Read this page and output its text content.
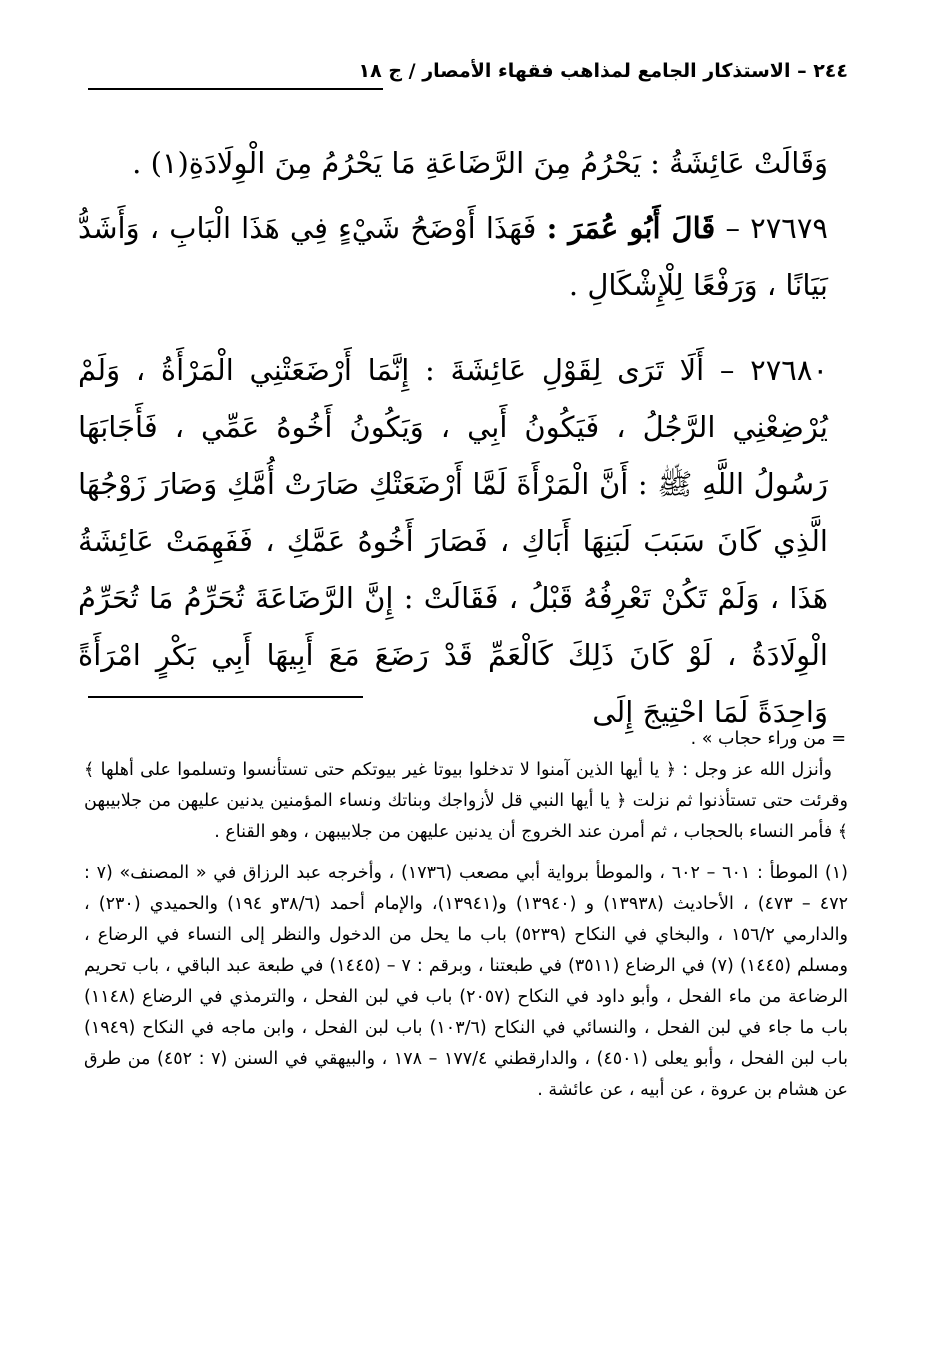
٢٤٤ – الاستذكار الجامع لمذاهب فقهاء الأمصار / ج ١٨

وَقَالَتْ عَائِشَةُ : يَحْرُمُ مِنَ الرَّضَاعَةِ مَا يَحْرُمُ مِنَ الْوِلَادَةِ(١) .

٢٧٦٧٩ – قَالَ أَبُو عُمَرَ : فَهَذَا أَوْضَحُ شَيْءٍ فِي هَذَا الْبَابِ ، وَأَشَدُّ بَيَانًا ، وَرَفْعًا لِلْإِشْكَالِ .

٢٧٦٨٠ – أَلَا تَرَى لِقَوْلِ عَائِشَةَ : إِنَّمَا أَرْضَعَتْنِي الْمَرْأَةُ ، وَلَمْ يُرْضِعْنِي الرَّجُلُ ، فَيَكُونُ أَبِي ، وَيَكُونُ أَخُوهُ عَمِّي ، فَأَجَابَهَا رَسُولُ اللَّهِ ﷺ : أَنَّ الْمَرْأَةَ لَمَّا أَرْضَعَتْكِ صَارَتْ أُمَّكِ وَصَارَ زَوْجُهَا الَّذِي كَانَ سَبَبَ لَبَنِهَا أَبَاكِ ، فَصَارَ أَخُوهُ عَمَّكِ ، فَفَهِمَتْ عَائِشَةُ هَذَا ، وَلَمْ تَكُنْ تَعْرِفُهُ قَبْلُ ، فَقَالَتْ : إِنَّ الرَّضَاعَةَ تُحَرِّمُ مَا تُحَرِّمُ الْوِلَادَةُ ، لَوْ كَانَ ذَلِكَ كَالْعَمِّ قَدْ رَضَعَ مَعَ أَبِيهَا أَبِي بَكْرٍ امْرَأَةً وَاحِدَةً لَمَا احْتِيجَ إِلَى

= من وراء حجاب » .

وأنزل الله عز وجل : ﴿ يا أيها الذين آمنوا لا تدخلوا بيوتا غير بيوتكم حتى تستأنسوا وتسلموا على أهلها ﴾ وقرئت حتى تستأذنوا ثم نزلت ﴿ يا أيها النبي قل لأزواجك وبناتك ونساء المؤمنين يدنين عليهن من جلابيبهن ﴾ فأمر النساء بالحجاب ، ثم أمرن عند الخروج أن يدنين عليهن من جلابيبهن ، وهو القناع .

(١) الموطأ : ٦٠١ – ٦٠٢ ، والموطأ برواية أبي مصعب (١٧٣٦) ، وأخرجه عبد الرزاق في « المصنف» (٧ : ٤٧٢ – ٤٧٣) ، الأحاديث (١٣٩٣٨) و (١٣٩٤٠) و(١٣٩٤١)، والإمام أحمد (٣٨/٦و ١٩٤) والحميدي (٢٣٠) ، والدارمي ١٥٦/٢ ، والبخاي في النكاح (٥٢٣٩) باب ما يحل من الدخول والنظر إلى النساء في الرضاع ، ومسلم (١٤٤٥) (٧) في الرضاع (٣٥١١) في طبعتنا ، وبرقم : ٧ – (١٤٤٥) في طبعة عبد الباقي ، باب تحريم الرضاعة من ماء الفحل ، وأبو داود في النكاح (٢٠٥٧) باب في لبن الفحل ، والترمذي في الرضاع (١١٤٨) باب ما جاء في لبن الفحل ، والنسائي في النكاح (١٠٣/٦) باب لبن الفحل ، وابن ماجه في النكاح (١٩٤٩) باب لبن الفحل ، وأبو يعلى (٤٥٠١) ، والدارقطني ١٧٧/٤ – ١٧٨ ، والبيهقي في السنن (٧ : ٤٥٢) من طرق عن هشام بن عروة ، عن أبيه ، عن عائشة .
